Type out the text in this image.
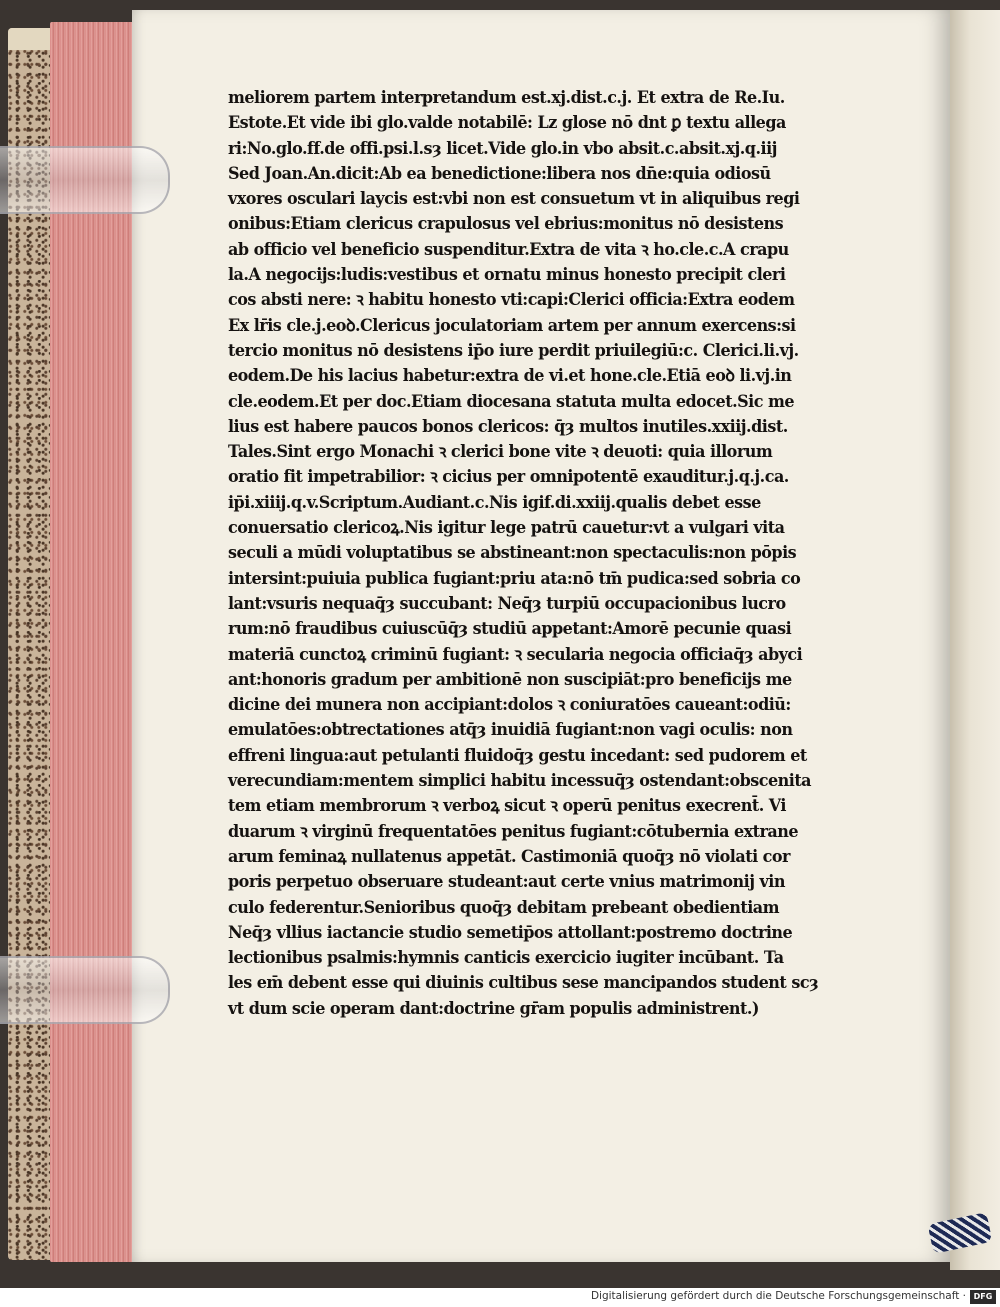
meliorem partem interpretandum est.xj.dist.c.j. Et extra de Re.Iu.
Estote.Et vide ibi glo.valde notabilē: Lz glose nō dnt ꝑ textu allega
ri:No.glo.ff.de offi.psi.l.sȝ licet.Vide glo.in vbo absit.c.absit.xj.q.iij
Sed Joan.An.dicit:Ab ea benedictione:libera nos dn̄e:quia odiosū
vxores osculari laycis est:vbi non est consuetum vt in aliquibus regi
onibus:Etiam clericus crapulosus vel ebrius:monitus nō desistens
ab officio vel beneficio suspenditur.Extra de vita ꝛ ho.cle.c.A crapu
la.A negocijs:ludis:vestibus et ornatu minus honesto precipit cleri
cos absti nere: ꝛ habitu honesto vti:capi:Clerici officia:Extra eodem
Ex lr̄is cle.j.eoꝺ.Clericus joculatoriam artem per annum exercens:si
tercio monitus nō desistens ip̄o iure perdit priuilegiū:c. Clerici.li.vj.
eodem.De his lacius habetur:extra de vi.et hone.cle.Etiā eoꝺ li.vj.in
cle.eodem.Et per doc.Etiam diocesana statuta multa edocet.Sic me
lius est habere paucos bonos clericos: q̄ȝ multos inutiles.xxiij.dist.
Tales.Sint ergo Monachi ꝛ clerici bone vite ꝛ deuoti: quia illorum
oratio fit impetrabilior: ꝛ cicius per omnipotentē exauditur.j.q.j.ca.
ip̄i.xiiij.q.v.Scriptum.Audiant.c.Nis igif.di.xxiij.qualis debet esse
conuersatio clericoꝝ.Nis igitur lege patrū cauetur:vt a vulgari vita
seculi a mūdi voluptatibus se abstineant:non spectaculis:non pōpis
intersint:puiuia publica fugiant:priu ata:nō tm̄ pudica:sed sobria co
lant:vsuris nequaq̄ȝ succubant: Neq̄ȝ turpiū occupacionibus lucro
rum:nō fraudibus cuiuscūq̄ȝ studiū appetant:Amorē pecunie quasi
materiā cunctoꝝ criminū fugiant: ꝛ secularia negocia officiaq̄ȝ abyci
ant:honoris gradum per ambitionē non suscipiāt:pro beneficijs me
dicine dei munera non accipiant:dolos ꝛ coniuratōes caueant:odiū:
emulatōes:obtrectationes atq̄ȝ inuidiā fugiant:non vagi oculis: non
effreni lingua:aut petulanti fluidoq̄ȝ gestu incedant: sed pudorem et
verecundiam:mentem simplici habitu incessuq̄ȝ ostendant:obscenita
tem etiam membrorum ꝛ verboꝝ sicut ꝛ operū penitus execrent̄. Vi
duarum ꝛ virginū frequentatōes penitus fugiant:cōtubernia extrane
arum feminaꝝ nullatenus appetāt. Castimoniā quoq̄ȝ nō violati cor
poris perpetuo obseruare studeant:aut certe vnius matrimonij vin
culo federentur.Senioribus quoq̄ȝ debitam prebeant obedientiam
Neq̄ȝ vllius iactancie studio semetip̄os attollant:postremo doctrine
lectionibus psalmis:hymnis canticis exercicio iugiter incūbant. Ta
les em̄ debent esse qui diuinis cultibus sese mancipandos student scȝ
vt dum scie operam dant:doctrine gr̄am populis administrent.)
Digitalisierung gefördert durch die Deutsche Forschungsgemeinschaft · DFG
